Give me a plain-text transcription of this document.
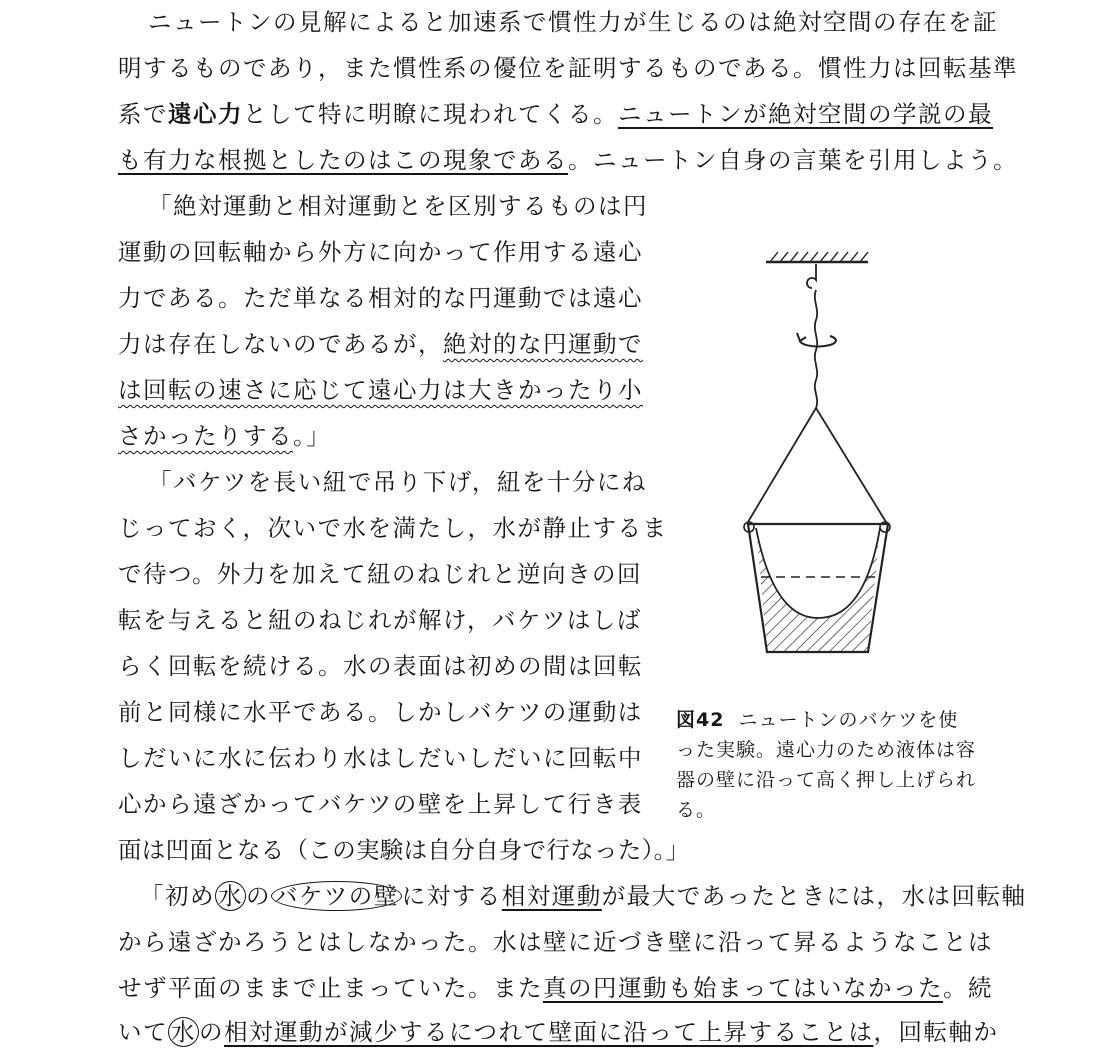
ニュートンの見解によると加速系で慣性力が生じるのは絶対空間の存在を証
明するものであり，また慣性系の優位を証明するものである。慣性力は回転基準
系で遠心力として特に明瞭に現われてくる。ニュートンが絶対空間の学説の最
も有力な根拠としたのはこの現象である。ニュートン自身の言葉を引用しよう。
「絶対運動と相対運動とを区別するものは円
運動の回転軸から外方に向かって作用する遠心
力である。ただ単なる相対的な円運動では遠心
力は存在しないのであるが，絶対的な円運動で
は回転の速さに応じて遠心力は大きかったり小
さかったりする。」
「バケツを長い紐で吊り下げ，紐を十分にね
じっておく，次いで水を満たし，水が静止するま
で待つ。外力を加えて紐のねじれと逆向きの回
転を与えると紐のねじれが解け，バケツはしば
らく回転を続ける。水の表面は初めの間は回転
前と同様に水平である。しかしバケツの運動は
しだいに水に伝わり水はしだいしだいに回転中
心から遠ざかってバケツの壁を上昇して行き表
面は凹面となる（この実験は自分自身で行なった）。」
図42 ニュートンのバケツを使った実験。遠心力のため液体は容器の壁に沿って高く押し上げられる。
「初め 水 の バケツの壁 に対する相対運動が最大であったときには，水は回転軸
から遠ざかろうとはしなかった。水は壁に近づき壁に沿って昇るようなことは
せず平面のままで止まっていた。また真の円運動も始まってはいなかった。続
いて 水 の相対運動が減少するにつれて壁面に沿って上昇することは，回転軸か
